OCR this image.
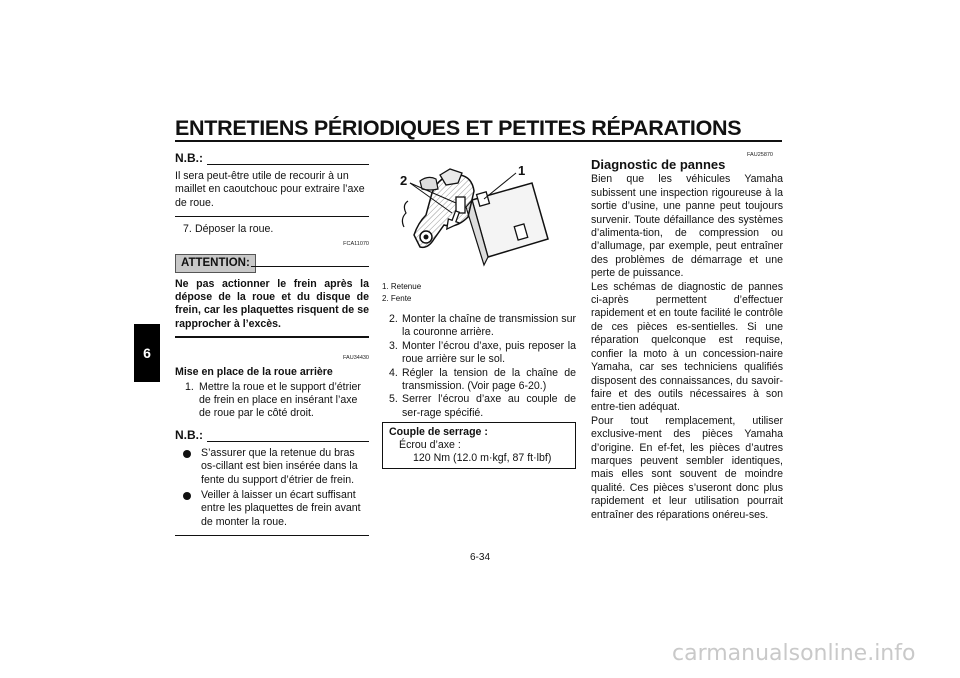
ENTRETIENS PÉRIODIQUES ET PETITES RÉPARATIONS
6
N.B.:

Il sera peut-être utile de recourir à un maillet en caoutchouc pour extraire l’axe de roue.

7. Déposer la roue.
FCA11070
ATTENTION:

Ne pas actionner le frein après la dépose de la roue et du disque de frein, car les plaquettes risquent de se rapprocher à l’excès.

FAU34430
Mise en place de la roue arrière
1. Mettre la roue et le support d’étrier de frein en place en insérant l’axe de roue par le côté droit.

N.B.:

S’assurer que la retenue du bras os-cillant est bien insérée dans la fente du support d’étrier de frein.

Veiller à laisser un écart suffisant entre les plaquettes de frein avant de monter la roue.

2
1
1. Retenue
2. Fente
2. Monter la chaîne de transmission sur la couronne arrière.

3. Monter l’écrou d’axe, puis reposer la roue arrière sur le sol.

4. Régler la tension de la chaîne de transmission. (Voir page 6-20.)

5. Serrer l’écrou d’axe au couple de ser-rage spécifié.

Couple de serrage :
Écrou d’axe :
120 Nm (12.0 m·kgf, 87 ft·lbf)
FAU25870
Diagnostic de pannes

Bien que les véhicules Yamaha subissent une inspection rigoureuse à la sortie d’usine, une panne peut toujours survenir. Toute défaillance des systèmes d’alimenta-tion, de compression ou d’allumage, par exemple, peut entraîner des problèmes de démarrage et une perte de puissance.

Les schémas de diagnostic de pannes ci-après permettent d’effectuer rapidement et en toute facilité le contrôle de ces pièces es-sentielles. Si une réparation quelconque est requise, confier la moto à un concession-naire Yamaha, car ses techniciens qualifiés disposent des connaissances, du savoir-faire et des outils nécessaires à son entre-tien adéquat.

Pour tout remplacement, utiliser exclusive-ment des pièces Yamaha d’origine. En ef-fet, les pièces d’autres marques peuvent sembler identiques, mais elles sont souvent de moindre qualité. Ces pièces s’useront donc plus rapidement et leur utilisation pourrait entraîner des réparations onéreu-ses.

6-34
carmanualsonline.info
